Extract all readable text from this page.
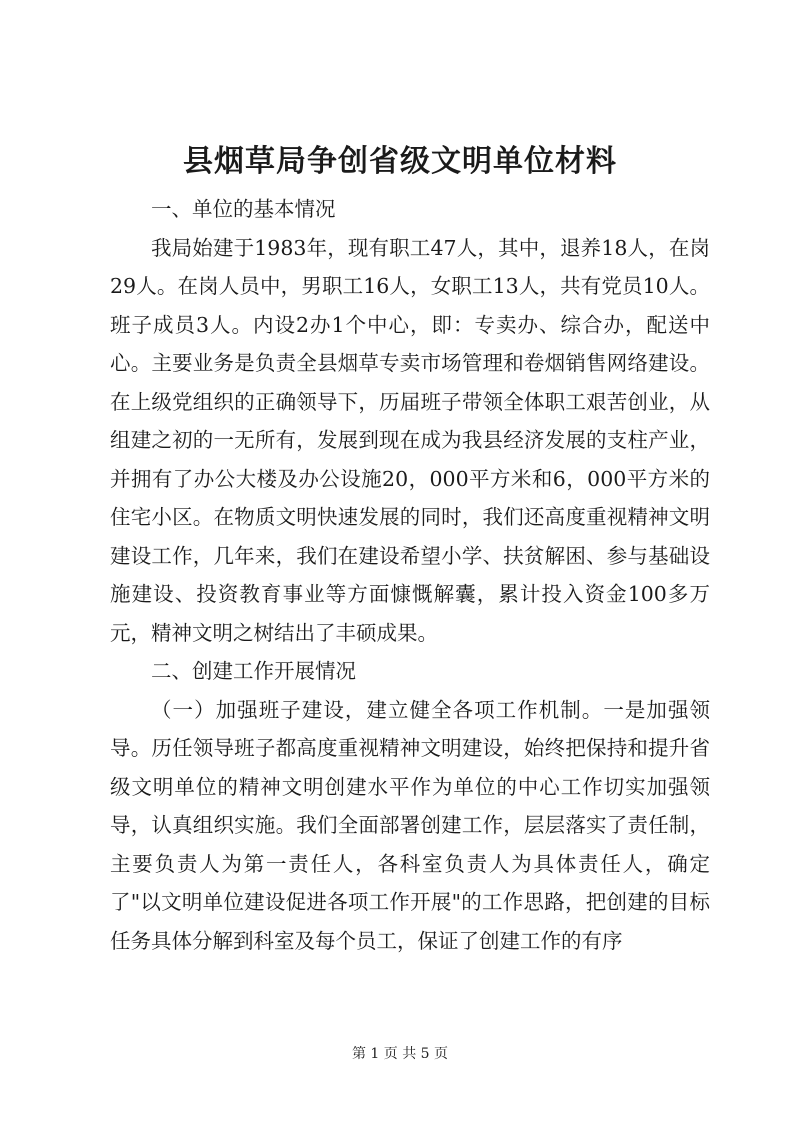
县烟草局争创省级文明单位材料

一、单位的基本情况

我局始建于1983年，现有职工47人，其中，退养18人，在岗29人。在岗人员中，男职工16人，女职工13人，共有党员10人。班子成员3人。内设2办1个中心，即：专卖办、综合办，配送中心。主要业务是负责全县烟草专卖市场管理和卷烟销售网络建设。在上级党组织的正确领导下，历届班子带领全体职工艰苦创业，从组建之初的一无所有，发展到现在成为我县经济发展的支柱产业，并拥有了办公大楼及办公设施20，000平方米和6，000平方米的住宅小区。在物质文明快速发展的同时，我们还高度重视精神文明建设工作，几年来，我们在建设希望小学、扶贫解困、参与基础设施建设、投资教育事业等方面慷慨解囊，累计投入资金100多万元，精神文明之树结出了丰硕成果。

二、创建工作开展情况

（一）加强班子建设，建立健全各项工作机制。一是加强领导。历任领导班子都高度重视精神文明建设，始终把保持和提升省级文明单位的精神文明创建水平作为单位的中心工作切实加强领导，认真组织实施。我们全面部署创建工作，层层落实了责任制，主要负责人为第一责任人，各科室负责人为具体责任人，确定了"以文明单位建设促进各项工作开展"的工作思路，把创建的目标任务具体分解到科室及每个员工，保证了创建工作的有序

第 1 页 共 5 页
